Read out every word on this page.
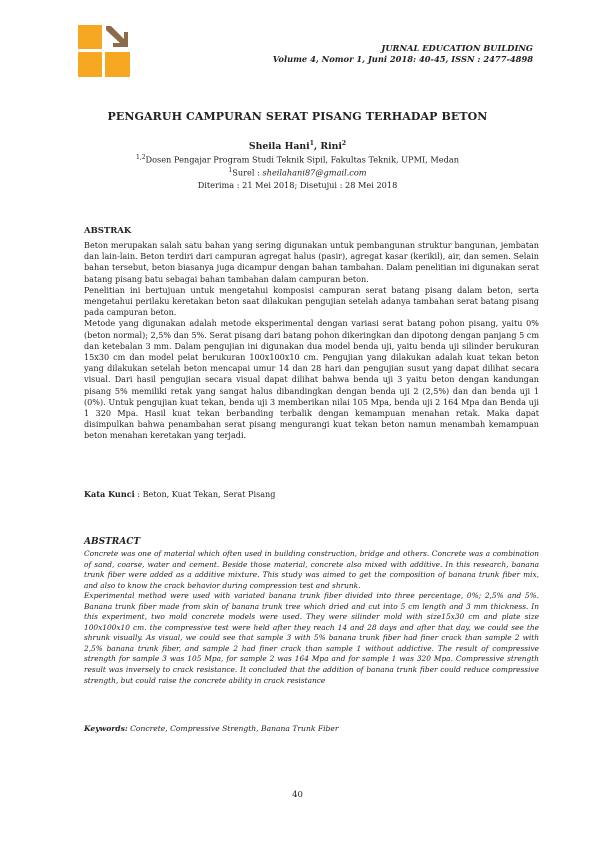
JURNAL EDUCATION BUILDING
Volume 4, Nomor 1, Juni 2018: 40-45, ISSN : 2477-4898
PENGARUH CAMPURAN SERAT PISANG TERHADAP BETON
Sheila Hani$^1$, Rini$^2$
$^{1,2}$Dosen Pengajar Program Studi Teknik Sipil, Fakultas Teknik, UPMI, Medan
$^1$Surel : sheilahani87@gmail.com
Diterima : 21 Mei 2018; Disetujui : 28 Mei 2018
ABSTRAK

Beton merupakan salah satu bahan yang sering digunakan untuk pembangunan struktur bangunan, jembatan dan lain-lain. Beton terdiri dari campuran agregat halus (pasir), agregat kasar (kerikil), air, dan semen. Selain bahan tersebut, beton biasanya juga dicampur dengan bahan tambahan. Dalam penelitian ini digunakan serat batang pisang batu sebagai bahan tambahan dalam campuran beton.

Penelitian ini bertujuan untuk mengetahui komposisi campuran serat batang pisang dalam beton, serta mengetahui perilaku keretakan beton saat dilakukan pengujian setelah adanya tambahan serat batang pisang pada campuran beton.

Metode yang digunakan adalah metode eksperimental dengan variasi serat batang pohon pisang, yaitu 0% (beton normal); 2,5% dan 5%. Serat pisang dari batang pohon dikeringkan dan dipotong dengan panjang 5 cm dan ketebalan 3 mm. Dalam pengujian ini digunakan dua model benda uji, yaitu benda uji silinder berukuran 15x30 cm dan model pelat berukuran 100x100x10 cm. Pengujian yang dilakukan adalah kuat tekan beton yang dilakukan setelah beton mencapai umur 14 dan 28 hari dan pengujian susut yang dapat dilihat secara visual. Dari hasil pengujian secara visual dapat dilihat bahwa benda uji 3 yaitu beton dengan kandungan pisang 5% memiliki retak yang sangat halus dibandingkan dengan benda uji 2 (2,5%) dan dan benda uji 1 (0%). Untuk pengujian kuat tekan, benda uji 3 memberikan nilai 105 Mpa, benda uji 2 164 Mpa dan Benda uji 1 320 Mpa. Hasil kuat tekan berbanding terbalik dengan kemampuan menahan retak. Maka dapat disimpulkan bahwa penambahan serat pisang mengurangi kuat tekan beton namun menambah kemampuan beton menahan keretakan yang terjadi.

Kata Kunci : Beton, Kuat Tekan, Serat Pisang
ABSTRACT

Concrete was one of material which often used in building construction, bridge and others. Concrete was a combination of sand, coarse, water and cement. Beside those material, concrete also mixed with additive. In this research, banana trunk fiber were added as a additive mixture. This study was aimed to get the composition of banana trunk fiber mix, and also to know the crack behavior during compression test and shrunk.

Experimental method were used with variated banana trunk fiber divided into three percentage, 0%; 2,5% and 5%. Banana trunk fiber made from skin of banana trunk tree which dried and cut into 5 cm length and 3 mm thickness. In this experiment, two mold concrete models were used. They were silinder mold with size15x30 cm and plate size 100x100x10 cm. the compressive test were held after they reach 14 and 28 days and after that day, we could see the shrunk visually. As visual, we could see that sample 3 with 5% banana trunk fiber had finer crack than sample 2 with 2,5% banana trunk fiber, and sample 2 had finer crack than sample 1 without addictive. The result of compressive strength for sample 3 was 105 Mpa, for sample 2 was 164 Mpa and for sample 1 was 320 Mpa. Compressive strength result was inversely to crack resistance. It concluded that the addition of banana trunk fiber could reduce compressive strength, but could raise the concrete ability in crack resistance

Keywords: Concrete, Compressive Strength, Banana Trunk Fiber
40
